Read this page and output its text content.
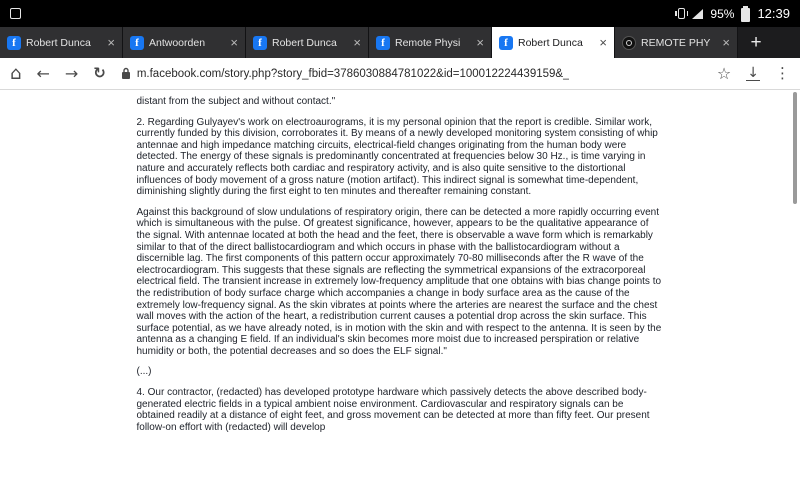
95% 12:39
f Robert Dunca	×	f Antwoorden	×	f Robert Dunca	×	f Remote Physi	×	f Robert Dunca	×	REMOTE PHY ×	+
⌂ ← → ↻	m.facebook.com/story.php?story_fbid=3786030884781022&id=100012224439159&_	☆ ↓ ⋮

distant from the subject and without contact."

2. Regarding Gulyayev's work on electroaurograms, it is my personal opinion that the report is credible. Similar work, currently funded by this division, corroborates it. By means of a newly developed monitoring system consisting of whip antennae and high impedance matching circuits, electrical-field changes originating from the human body were detected. The energy of these signals is predominantly concentrated at frequencies below 30 Hz., is time varying in nature and accurately reflects both cardiac and respiratory activity, and is also quite sensitive to the distortional influences of body movement of a gross nature (motion artifact). This indirect signal is somewhat time-dependent, diminishing slightly during the first eight to ten minutes and thereafter remaining constant.

Against this background of slow undulations of respiratory origin, there can be detected a more rapidly occurring event which is simultaneous with the pulse. Of greatest significance, however, appears to be the qualitative appearance of the signal. With antennae located at both the head and the feet, there is observable a wave form which is remarkably similar to that of the direct ballistocardiogram and which occurs in phase with the ballistocardiogram without a discernible lag. The first components of this pattern occur approximately 70-80 milliseconds after the R wave of the electrocardiogram. This suggests that these signals are reflecting the symmetrical expansions of the extracorporeal electrical field. The transient increase in extremely low-frequency amplitude that one obtains with bias change points to the redistribution of body surface charge which accompanies a change in body surface area as the cause of the extremely low-frequency signal. As the skin vibrates at points where the arteries are nearest the surface and the chest wall moves with the action of the heart, a redistribution current causes a potential drop across the skin surface. This surface potential, as we have already noted, is in motion with the skin and with respect to the antenna. It is seen by the antenna as a changing E field. If an individual's skin becomes more moist due to increased perspiration or relative humidity or both, the potential decreases and so does the ELF signal."

(...)

4. Our contractor, (redacted) has developed prototype hardware which passively detects the above described body-generated electric fields in a typical ambient noise environment. Cardiovascular and respiratory signals can be obtained readily at a distance of eight feet, and gross movement can be detected at more than fifty feet. Our present follow-on effort with (redacted) will develop
